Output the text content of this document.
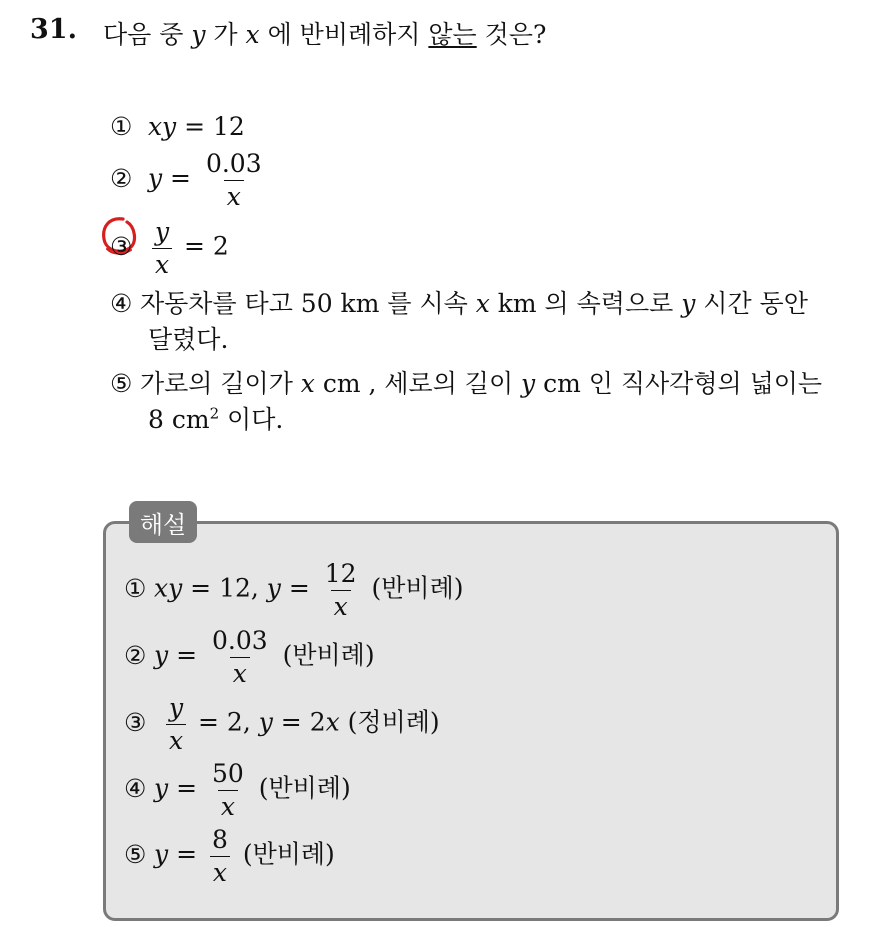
31. 다음 중 y 가 x 에 반비례하지 않는 것은?
① xy = 12
② $y = \frac{0.03}{x}$
③ $\frac{y}{x} = 2$
④ 자동차를 타고 50 km 를 시속 x km 의 속력으로 y 시간 동안
달렸다.
⑤ 가로의 길이가 x cm , 세로의 길이 y cm 인 직사각형의 넓이는
8 $cm^2$ 이다.
해설
① xy = 12, $y = \frac{12}{x}$ (반비례)
② $y = \frac{0.03}{x}$ (반비례)
③ $\frac{y}{x} = 2$, y = 2x (정비례)
④ $y = \frac{50}{x}$ (반비례)
⑤ $y = \frac{8}{x}$ (반비례)
